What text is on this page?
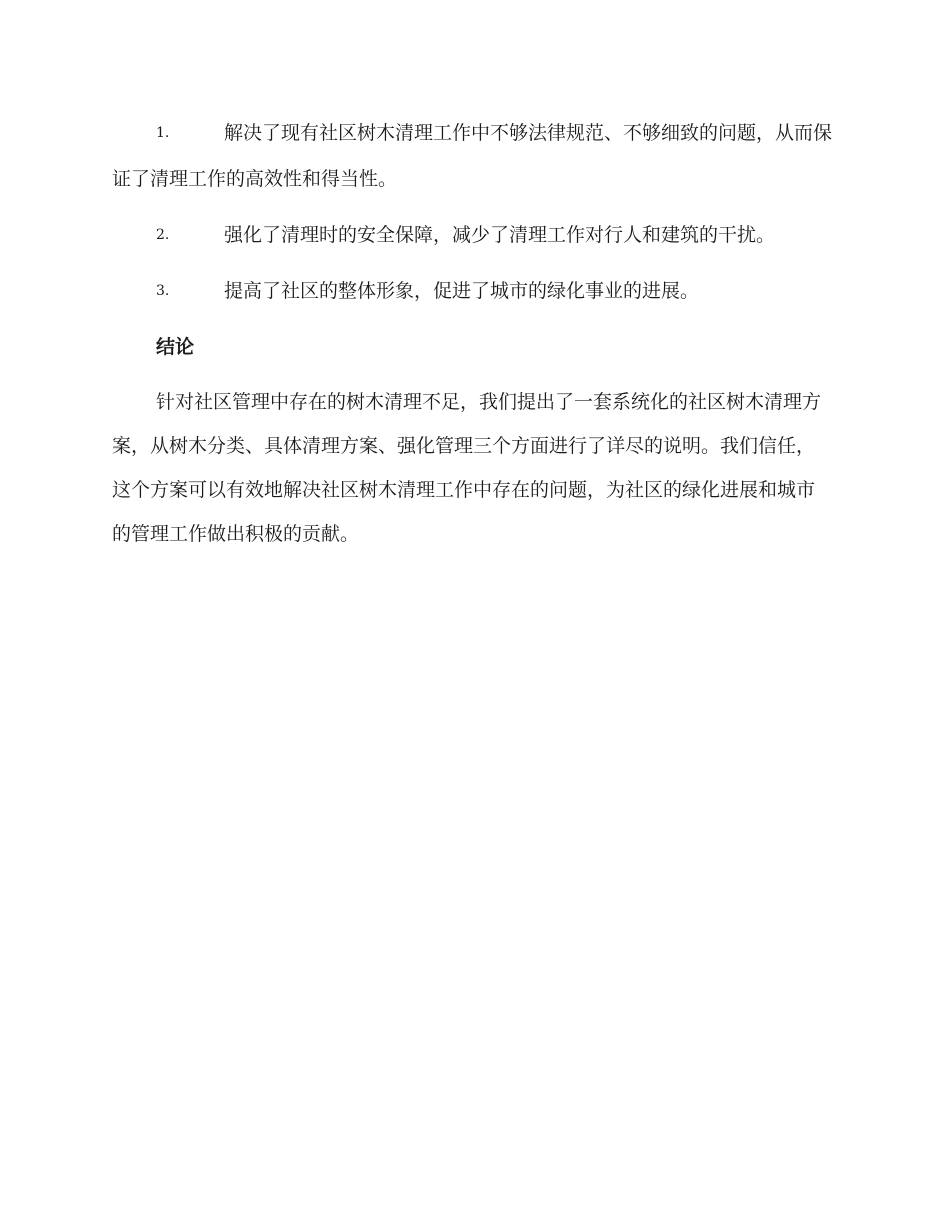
1.	解决了现有社区树木清理工作中不够法律规范、不够细致的问题，从而保证了清理工作的高效性和得当性。
2.	强化了清理时的安全保障，减少了清理工作对行人和建筑的干扰。
3.	提高了社区的整体形象，促进了城市的绿化事业的进展。
结论

针对社区管理中存在的树木清理不足，我们提出了一套系统化的社区树木清理方案，从树木分类、具体清理方案、强化管理三个方面进行了详尽的说明。我们信任，这个方案可以有效地解决社区树木清理工作中存在的问题，为社区的绿化进展和城市的管理工作做出积极的贡献。
